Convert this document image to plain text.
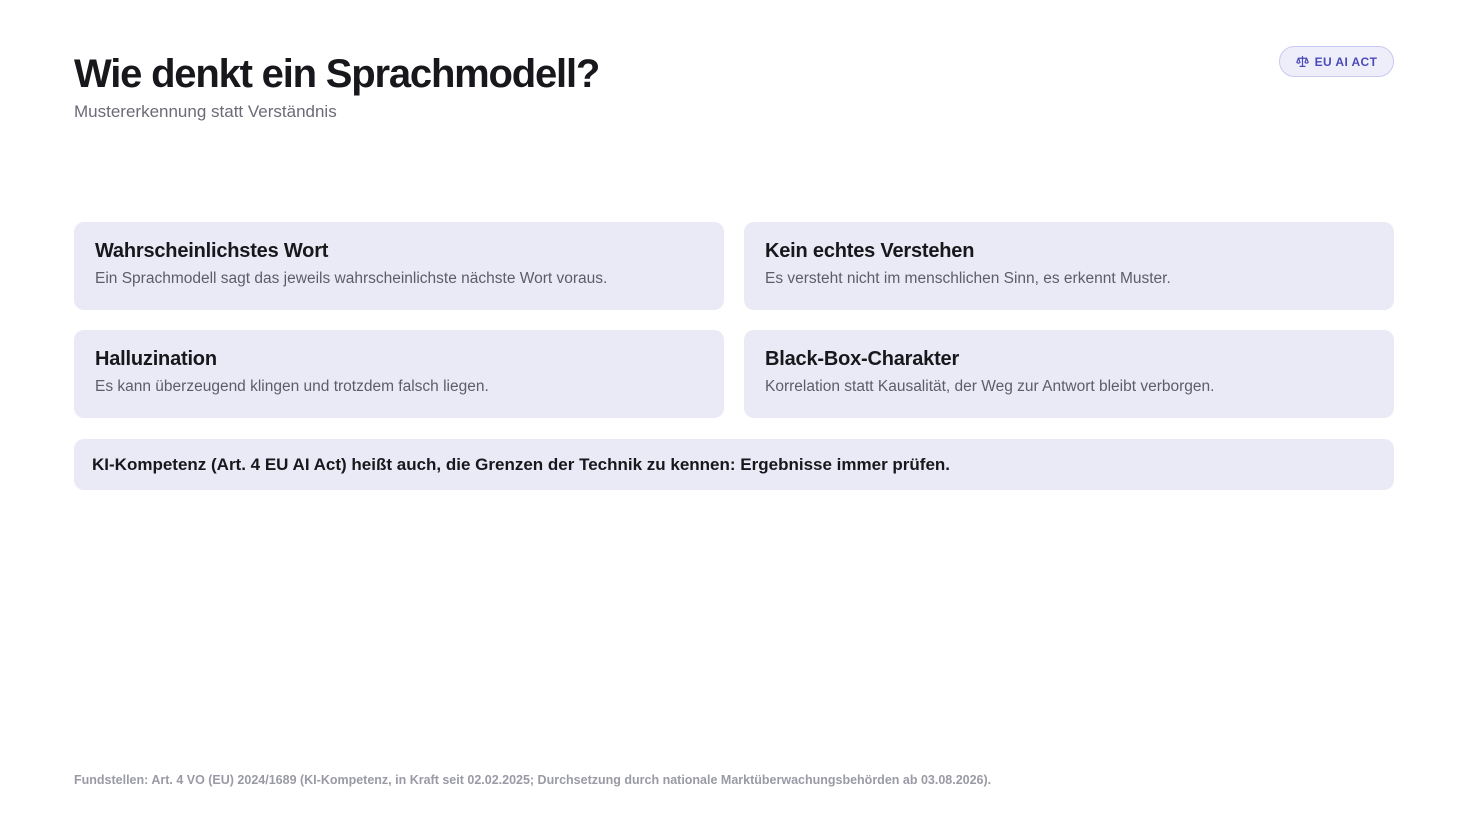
Wie denkt ein Sprachmodell?
Mustererkennung statt Verständnis
EU AI ACT
Wahrscheinlichstes Wort
Ein Sprachmodell sagt das jeweils wahrscheinlichste nächste Wort voraus.
Kein echtes Verstehen
Es versteht nicht im menschlichen Sinn, es erkennt Muster.
Halluzination
Es kann überzeugend klingen und trotzdem falsch liegen.
Black-Box-Charakter
Korrelation statt Kausalität, der Weg zur Antwort bleibt verborgen.
KI-Kompetenz (Art. 4 EU AI Act) heißt auch, die Grenzen der Technik zu kennen: Ergebnisse immer prüfen.
Fundstellen: Art. 4 VO (EU) 2024/1689 (KI-Kompetenz, in Kraft seit 02.02.2025; Durchsetzung durch nationale Marktüberwachungsbehörden ab 03.08.2026).
